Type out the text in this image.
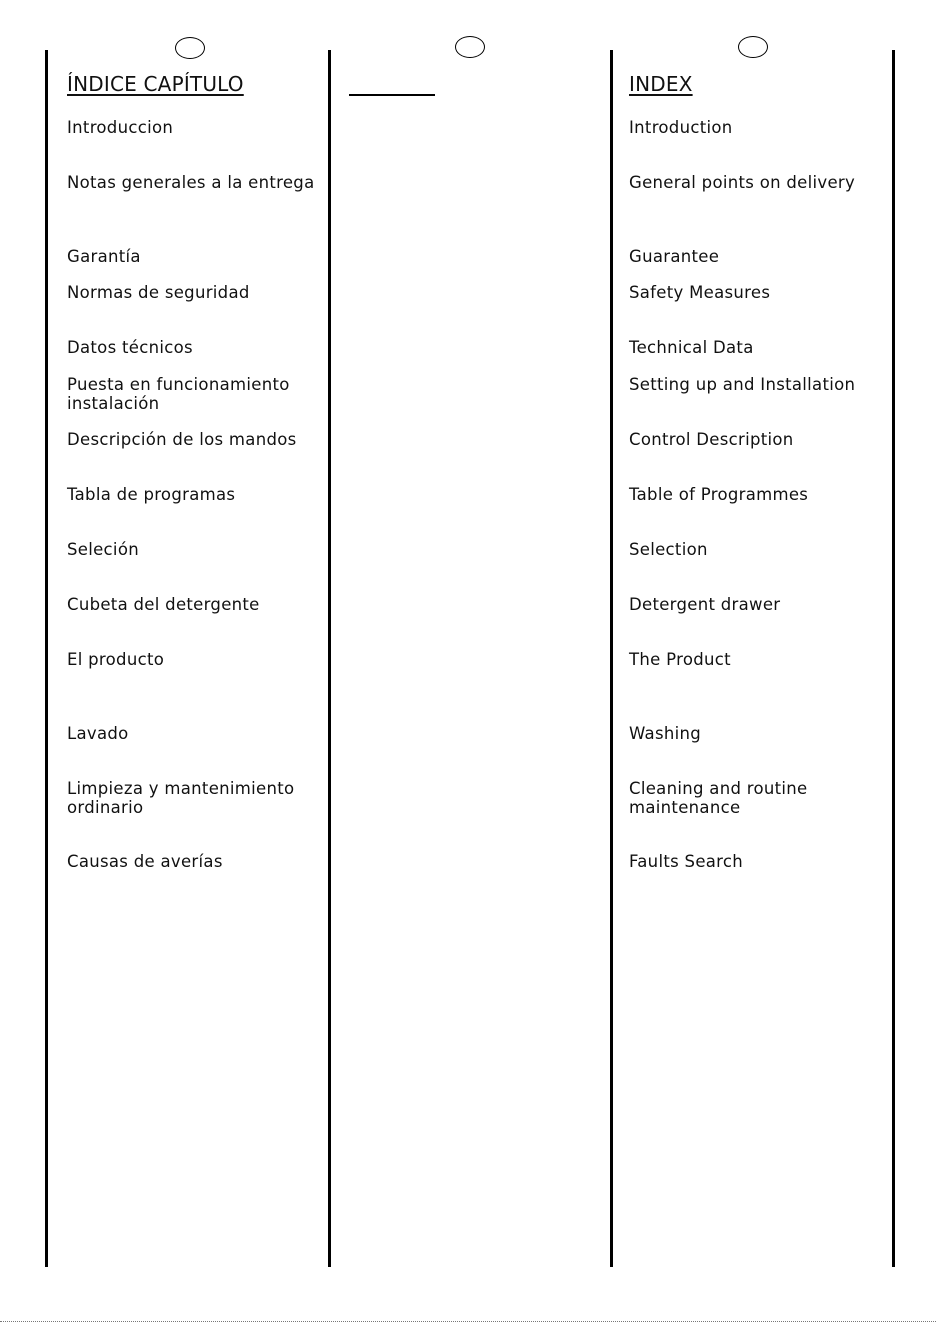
ÍNDICE CAPÍTULO
Introduccion
Notas generales a la entrega
Garantía
Normas de seguridad
Datos técnicos
Puesta en funcionamiento instalación
Descripción de los mandos
Tabla de programas
Seleción
Cubeta del detergente
El producto
Lavado
Limpieza y mantenimiento ordinario
Causas de averías
INDEX
Introduction
General points on delivery
Guarantee
Safety Measures
Technical Data
Setting up and Installation
Control Description
Table of Programmes
Selection
Detergent drawer
The Product
Washing
Cleaning and routine maintenance
Faults Search
